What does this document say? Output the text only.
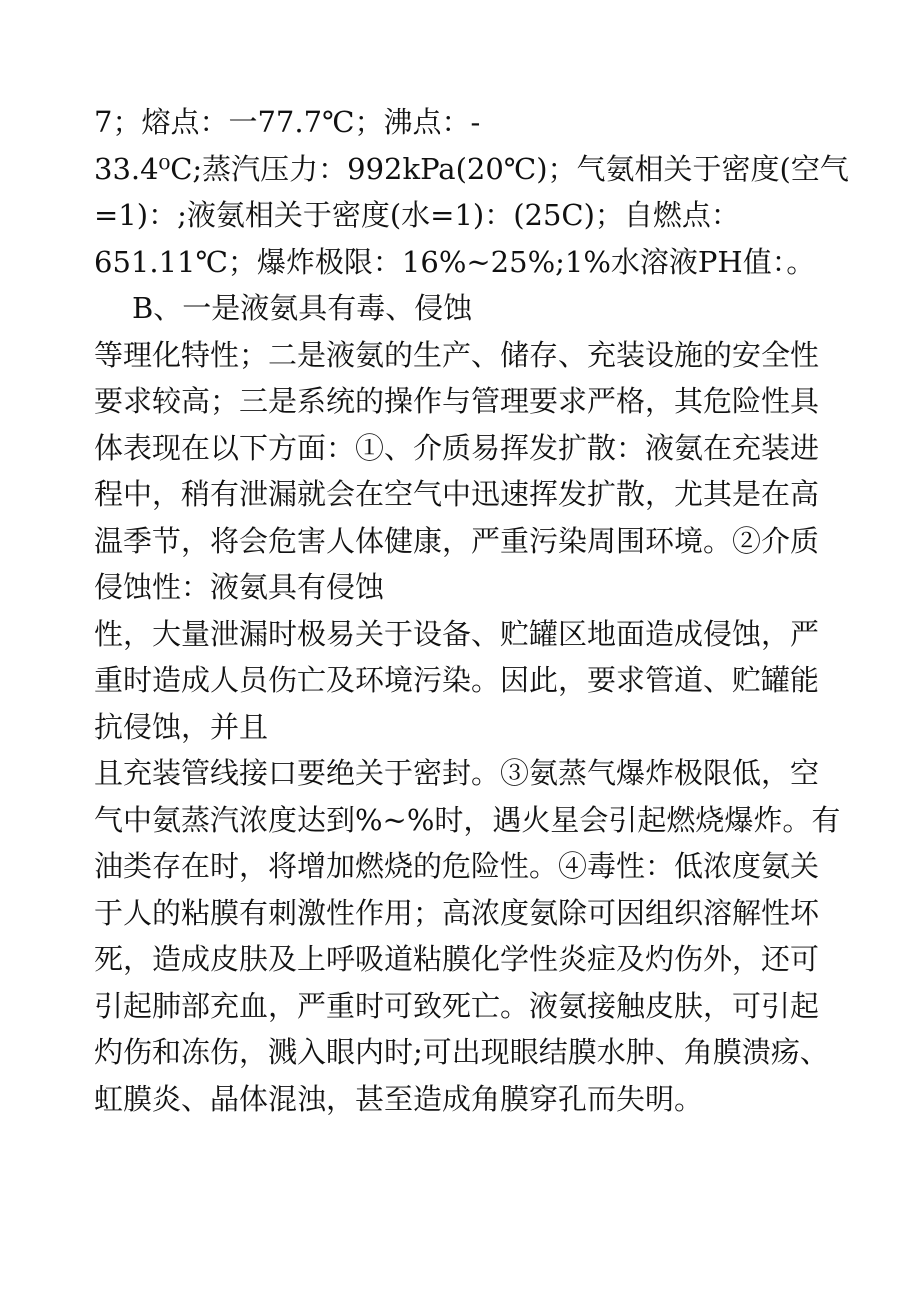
7；熔点：一77.7℃；沸点：-
33.4⁰C;蒸汽压力：992kPa(20℃)；气氨相关于密度(空气
=1)：;液氨相关于密度(水=1)：(25C)；自燃点：
651.11℃；爆炸极限：16%~25%;1%水溶液PH值：。
B、一是液氨具有毒、侵蚀
等理化特性；二是液氨的生产、储存、充装设施的安全性
要求较高；三是系统的操作与管理要求严格，其危险性具
体表现在以下方面：①、介质易挥发扩散：液氨在充装进
程中，稍有泄漏就会在空气中迅速挥发扩散，尤其是在高
温季节，将会危害人体健康，严重污染周围环境。②介质
侵蚀性：液氨具有侵蚀
性，大量泄漏时极易关于设备、贮罐区地面造成侵蚀，严
重时造成人员伤亡及环境污染。因此，要求管道、贮罐能
抗侵蚀，并且
且充装管线接口要绝关于密封。③氨蒸气爆炸极限低，空
气中氨蒸汽浓度达到%~%时，遇火星会引起燃烧爆炸。有
油类存在时，将增加燃烧的危险性。④毒性：低浓度氨关
于人的粘膜有刺激性作用；高浓度氨除可因组织溶解性坏
死，造成皮肤及上呼吸道粘膜化学性炎症及灼伤外，还可
引起肺部充血，严重时可致死亡。液氨接触皮肤，可引起
灼伤和冻伤，溅入眼内时;可出现眼结膜水肿、角膜溃疡、
虹膜炎、晶体混浊，甚至造成角膜穿孔而失明。
